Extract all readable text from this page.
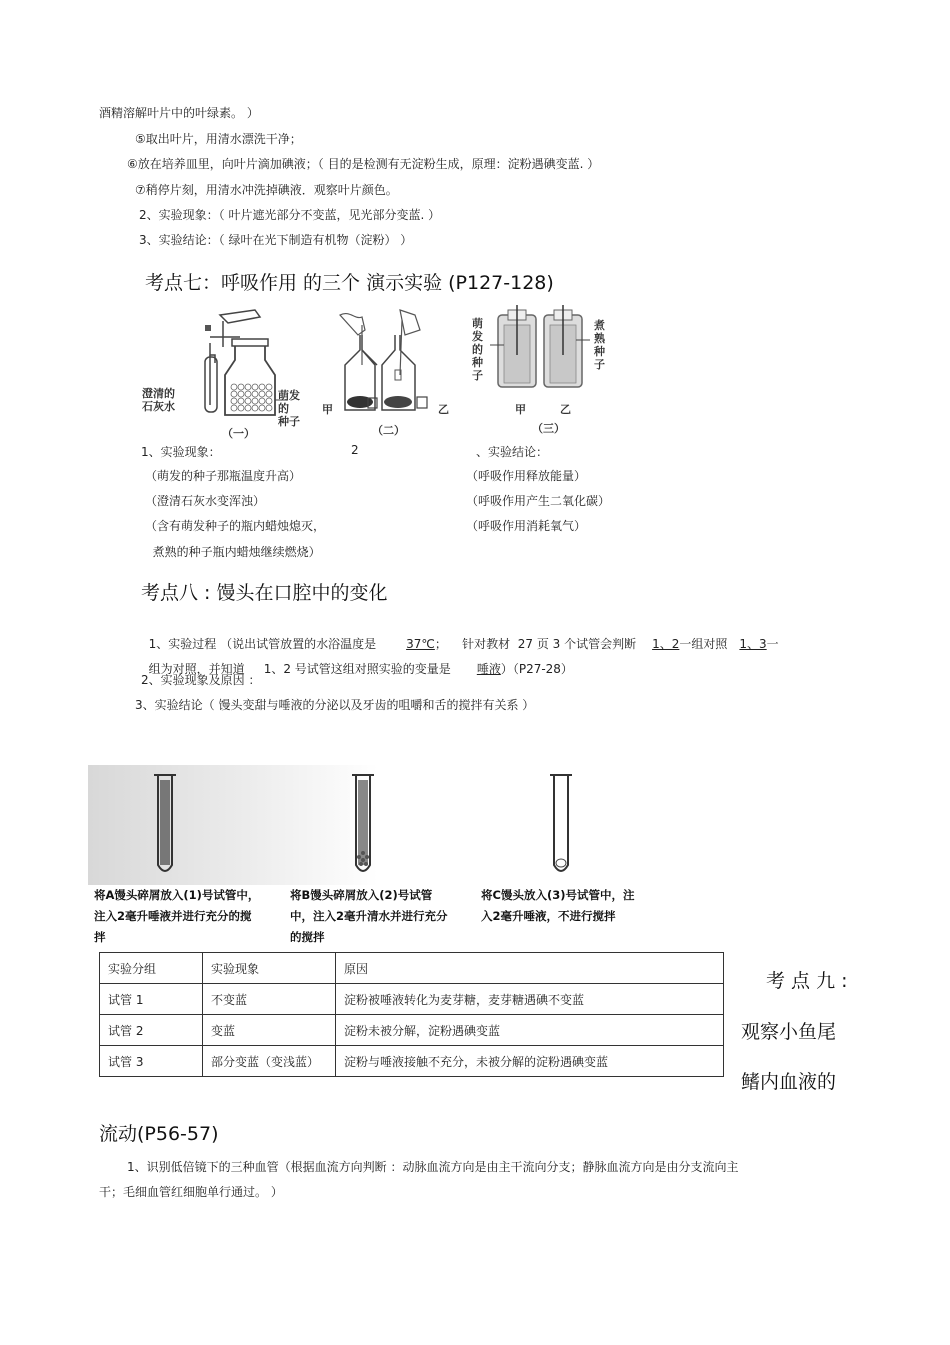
酒精溶解叶片中的叶绿素。 ）
⑤取出叶片，用清水漂洗干净；
⑥放在培养皿里，向叶片滴加碘液；（ 目的是检测有无淀粉生成，原理：淀粉遇碘变蓝. ）
⑦稍停片刻，用清水冲洗掉碘液．观察叶片颜色。
2、实验现象：（ 叶片遮光部分不变蓝，见光部分变蓝. ）
3、实验结论：（ 绿叶在光下制造有机物（淀粉） ）
考点七：呼吸作用 的三个 演示实验 (P127-128)
澄清的
石灰水
萌发的
种子
（一）
甲	乙
（二）
萌发的种子
煮熟种子
甲	乙
（三）
1、实验现象：	2	、实验结论：
（萌发的种子那瓶温度升高）
（澄清石灰水变浑浊）
（含有萌发种子的瓶内蜡烛熄灭，
煮熟的种子瓶内蜡烛继续燃烧）
（呼吸作用释放能量）
（呼吸作用产生二氧化碳）
（呼吸作用消耗氧气）
考点八 : 馒头在口腔中的变化

1、实验过程 （说出试管放置的水浴温度是	37℃；    针对教材  27 页 3 个试管会判断 1、2一组对照 1、3一

组为对照，并知道     1、2 号试管这组对照实验的变量是 唾液）（P27-28）

2、实验现象及原因 ：
3、实验结论（ 馒头变甜与唾液的分泌以及牙齿的咀嚼和舌的搅拌有关系 ）
将A馒头碎屑放入(1)号试管中，注入2毫升唾液并进行充分的搅拌
将B馒头碎屑放入(2)号试管中，注入2毫升清水并进行充分的搅拌
将C馒头放入(3)号试管中，注入2毫升唾液，不进行搅拌
实验分组	实验现象	原因
试管 1	不变蓝	淀粉被唾液转化为麦芽糖，麦芽糖遇碘不变蓝
试管 2	变蓝	淀粉未被分解，淀粉遇碘变蓝
试管 3	部分变蓝（变浅蓝）	淀粉与唾液接触不充分，未被分解的淀粉遇碘变蓝
考 点 九 :
观察小鱼尾
鳍内血液的
流动(P56-57)
1、识别低倍镜下的三种血管（根据血流方向判断 ：动脉血流方向是由主干流向分支；静脉血流方向是由分支流向主
干；毛细血管红细胞单行通过。 ）
